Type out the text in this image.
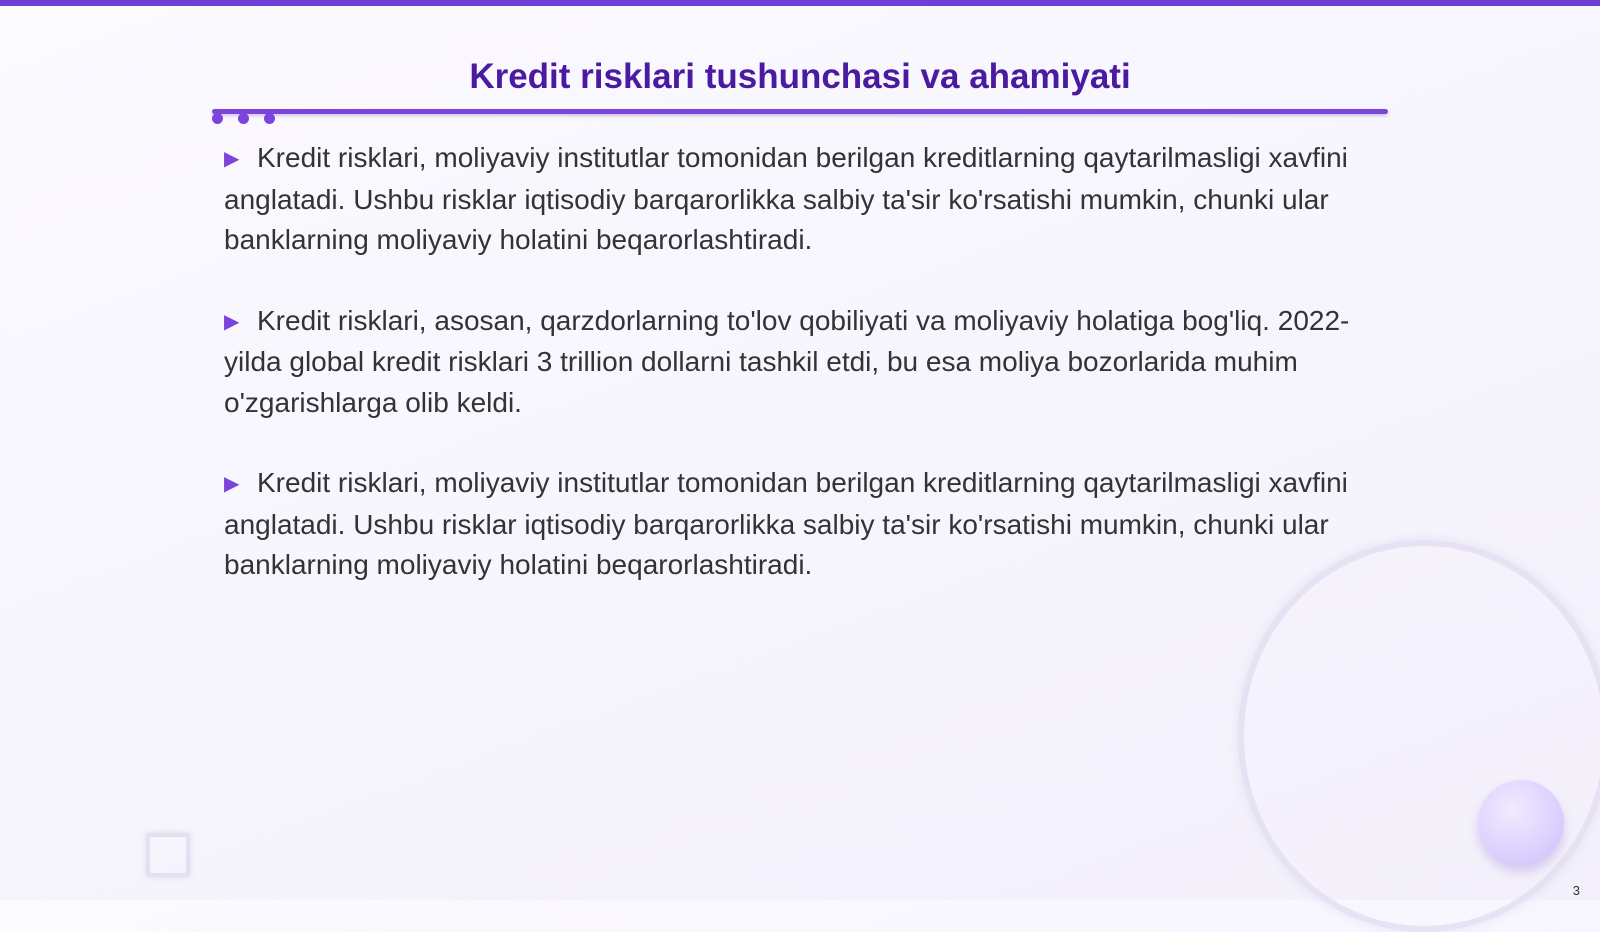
Kredit risklari tushunchasi va ahamiyati

▶ Kredit risklari, moliyaviy institutlar tomonidan berilgan kreditlarning qaytarilmasligi xavfini anglatadi. Ushbu risklar iqtisodiy barqarorlikka salbiy ta'sir ko'rsatishi mumkin, chunki ular banklarning moliyaviy holatini beqarorlashtiradi.

▶ Kredit risklari, asosan, qarzdorlarning to'lov qobiliyati va moliyaviy holatiga bog'liq. 2022-yilda global kredit risklari 3 trillion dollarni tashkil etdi, bu esa moliya bozorlarida muhim o'zgarishlarga olib keldi.

▶ Kredit risklari, moliyaviy institutlar tomonidan berilgan kreditlarning qaytarilmasligi xavfini anglatadi. Ushbu risklar iqtisodiy barqarorlikka salbiy ta'sir ko'rsatishi mumkin, chunki ular banklarning moliyaviy holatini beqarorlashtiradi.

3
